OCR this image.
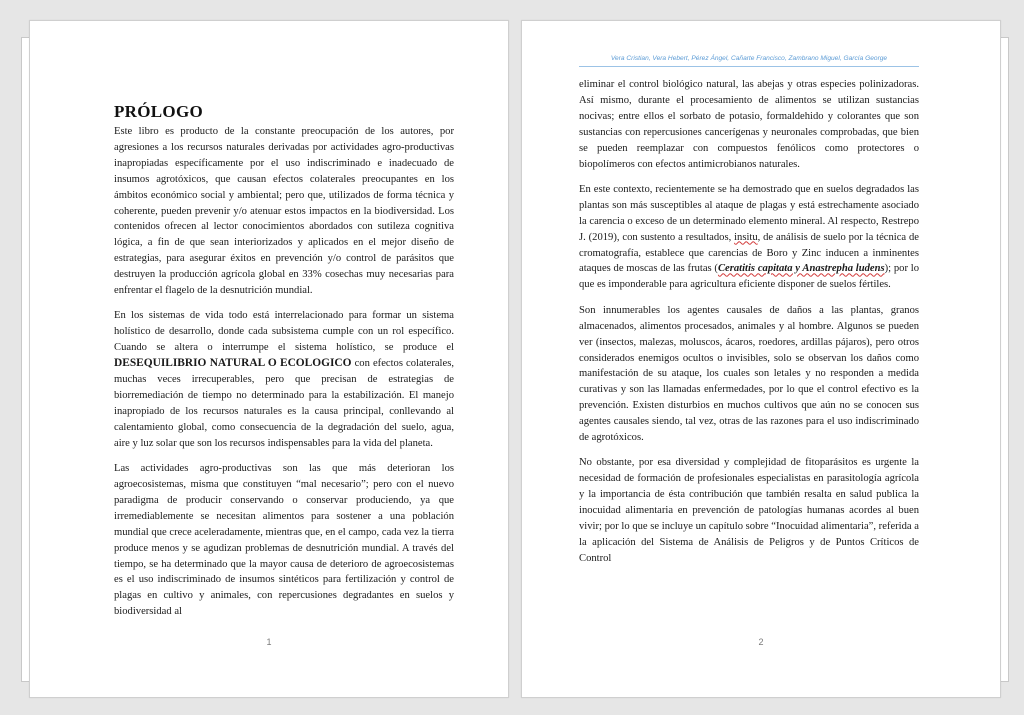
PRÓLOGO

Este libro es producto de la constante preocupación de los autores, por agresiones a los recursos naturales derivadas por actividades agro-productivas inapropiadas específicamente por el uso indiscriminado e inadecuado de insumos agrotóxicos, que causan efectos colaterales preocupantes en los ámbitos económico social y ambiental; pero que, utilizados de forma técnica y coherente, pueden prevenir y/o atenuar estos impactos en la biodiversidad. Los contenidos ofrecen al lector conocimientos abordados con sutileza cognitiva lógica, a fin de que sean interiorizados y aplicados en el mejor diseño de estrategias, para asegurar éxitos en prevención y/o control de parásitos que destruyen la producción agrícola global en 33% cosechas muy necesarias para enfrentar el flagelo de la desnutrición mundial.

En los sistemas de vida todo está interrelacionado para formar un sistema holístico de desarrollo, donde cada subsistema cumple con un rol específico. Cuando se altera o interrumpe el sistema holístico, se produce el DESEQUILIBRIO NATURAL O ECOLOGICO con efectos colaterales, muchas veces irrecuperables, pero que precisan de estrategias de biorremediación de tiempo no determinado para la estabilización. El manejo inapropiado de los recursos naturales es la causa principal, conllevando al calentamiento global, como consecuencia de la degradación del suelo, agua, aire y luz solar que son los recursos indispensables para la vida del planeta.

Las actividades agro-productivas son las que más deterioran los agroecosistemas, misma que constituyen “mal necesario”; pero con el nuevo paradigma de producir conservando o conservar produciendo, ya que irremediablemente se necesitan alimentos para sostener a una población mundial que crece aceleradamente, mientras que, en el campo, cada vez la tierra produce menos y se agudizan problemas de desnutrición mundial. A través del tiempo, se ha determinado que la mayor causa de deterioro de agroecosistemas es el uso indiscriminado de insumos sintéticos para fertilización y control de plagas en cultivo y animales, con repercusiones degradantes en suelos y biodiversidad al

1
Vera Cristian, Vera Hebert, Pérez Ángel, Cañarte Francisco, Zambrano Miguel, García George

eliminar el control biológico natural, las abejas y otras especies polinizadoras. Así mismo, durante el procesamiento de alimentos se utilizan sustancias nocivas; entre ellos el sorbato de potasio, formaldehido y colorantes que son sustancias con repercusiones cancerígenas y neuronales comprobadas, que bien se pueden reemplazar con compuestos fenólicos como protectores o biopolímeros con efectos antimicrobianos naturales.

En este contexto, recientemente se ha demostrado que en suelos degradados las plantas son más susceptibles al ataque de plagas y está estrechamente asociado la carencia o exceso de un determinado elemento mineral. Al respecto, Restrepo J. (2019), con sustento a resultados, insitu, de análisis de suelo por la técnica de cromatografía, establece que carencias de Boro y Zinc inducen a inminentes ataques de moscas de las frutas (Ceratitis capitata y Anastrepha ludens); por lo que es imponderable para agricultura eficiente disponer de suelos fértiles.

Son innumerables los agentes causales de daños a las plantas, granos almacenados, alimentos procesados, animales y al hombre. Algunos se pueden ver (insectos, malezas, moluscos, ácaros, roedores, ardillas pájaros), pero otros considerados enemigos ocultos o invisibles, solo se observan los daños como manifestación de su ataque, los cuales son letales y no responden a medida curativas y son las llamadas enfermedades, por lo que el control efectivo es la prevención. Existen disturbios en muchos cultivos que aún no se conocen sus agentes causales siendo, tal vez, otras de las razones para el uso indiscriminado de agrotóxicos.

No obstante, por esa diversidad y complejidad de fitoparásitos es urgente la necesidad de formación de profesionales especialistas en parasitología agrícola y la importancia de ésta contribución que también resalta en salud publica la inocuidad alimentaria en prevención de patologías humanas acordes al buen vivir; por lo que se incluye un capítulo sobre “Inocuidad alimentaria”, referida a la aplicación del Sistema de Análisis de Peligros y de Puntos Críticos de Control

2
